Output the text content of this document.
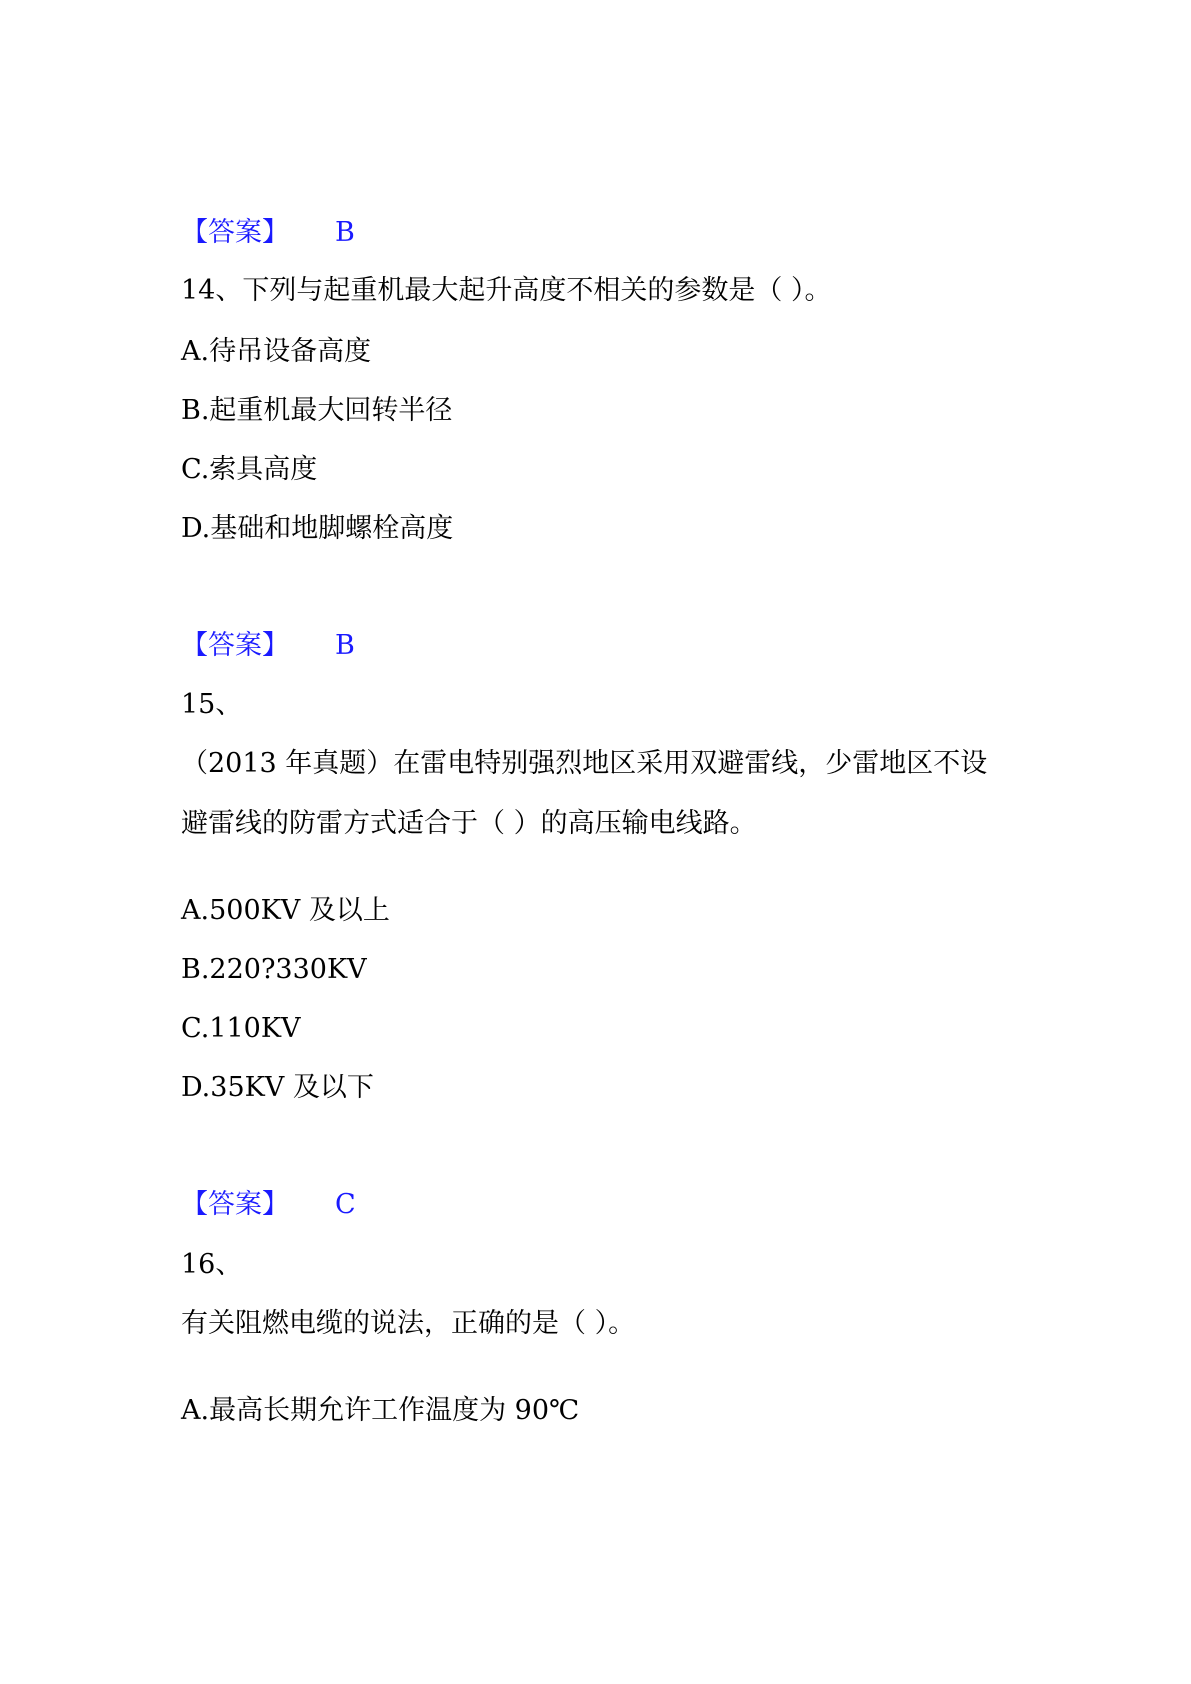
【答案】 B
14、下列与起重机最大起升高度不相关的参数是（ ）。
A.待吊设备高度
B.起重机最大回转半径
C.索具高度
D.基础和地脚螺栓高度
【答案】 B
15、
（2013 年真题）在雷电特别强烈地区采用双避雷线，少雷地区不设
避雷线的防雷方式适合于（ ）的高压输电线路。
A.500KV 及以上
B.220?330KV
C.110KV
D.35KV 及以下
【答案】 C
16、
有关阻燃电缆的说法，正确的是（ ）。
A.最高长期允许工作温度为 90℃
